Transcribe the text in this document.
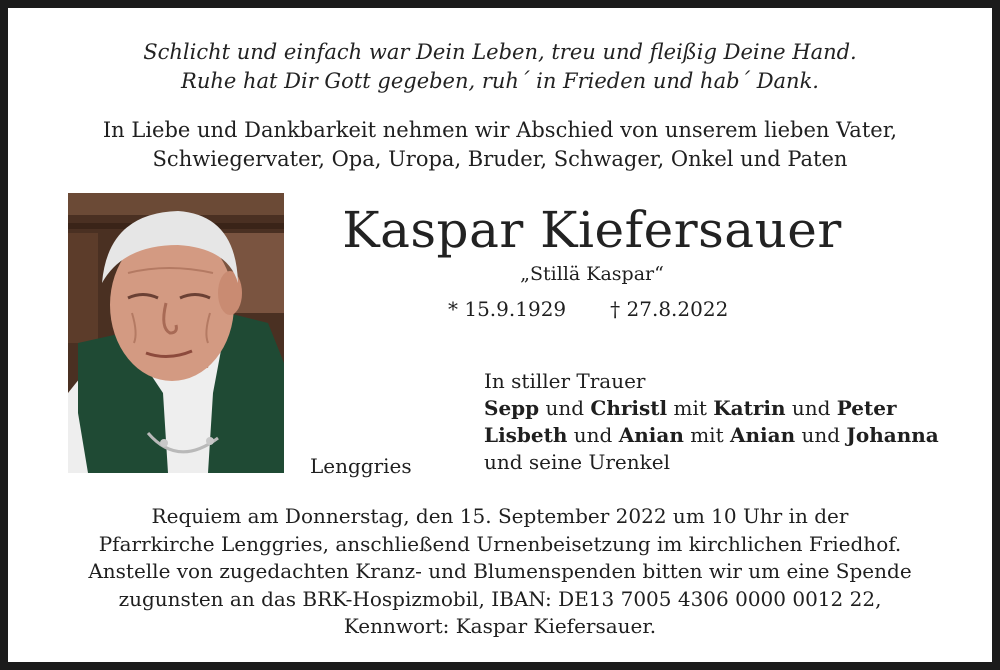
Schlicht und einfach war Dein Leben, treu und fleißig Deine Hand.
Ruhe hat Dir Gott gegeben, ruh´ in Frieden und hab´ Dank.
In Liebe und Dankbarkeit nehmen wir Abschied von unserem lieben Vater,
Schwiegervater, Opa, Uropa, Bruder, Schwager, Onkel und Paten
Kaspar Kiefersauer
„Stillä Kaspar“
* 15.9.1929 † 27.8.2022
Lenggries
In stiller Trauer
Sepp und Christl mit Katrin und Peter
Lisbeth und Anian mit Anian und Johanna
und seine Urenkel
Requiem am Donnerstag, den 15. September 2022 um 10 Uhr in der
Pfarrkirche Lenggries, anschließend Urnenbeisetzung im kirchlichen Friedhof.
Anstelle von zugedachten Kranz- und Blumenspenden bitten wir um eine Spende
zugunsten an das BRK-Hospizmobil, IBAN: DE13 7005 4306 0000 0012 22,
Kennwort: Kaspar Kiefersauer.
